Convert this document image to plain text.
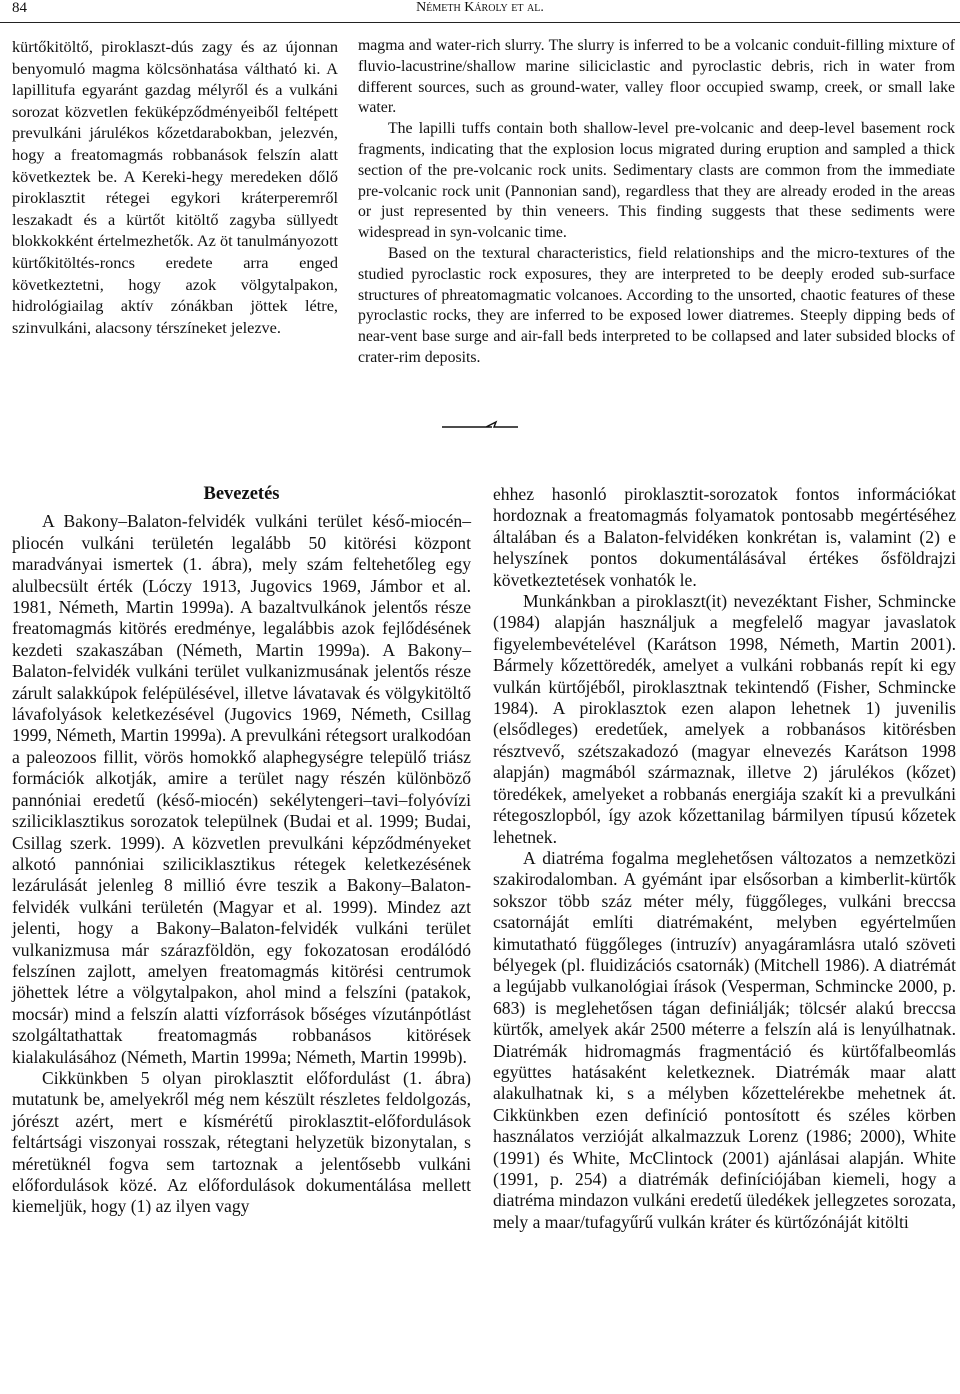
84	Németh Károly et al.

kürtőkitöltő, piroklaszt-dús zagy és az újonnan benyomuló magma kölcsönhatása váltható ki. A lapillitufa egyaránt gazdag mélyről és a vulkáni sorozat közvetlen feküképződményeiből feltépett prevulkáni járulékos kőzetdarabokban, jelezvén, hogy a freatomagmás robbanások felszín alatt következtek be. A Kereki-hegy meredeken dőlő piroklasztit rétegei egykori kráterperemről leszakadt és a kürtőt kitöltő zagyba süllyedt blokkokként értelmezhetők. Az öt tanulmányozott kürtőkitöltés-roncs eredete arra enged következtetni, hogy azok völgytalpakon, hidrológiailag aktív zónákban jöttek létre, szinvulkáni, alacsony térszíneket jelezve.

magma and water-rich slurry. The slurry is inferred to be a volcanic conduit-filling mixture of fluvio-lacustrine/shallow marine siliciclastic and pyroclastic debris, rich in water from different sources, such as ground-water, valley floor occupied swamp, creek, or small lake water.

The lapilli tuffs contain both shallow-level pre-volcanic and deep-level basement rock fragments, indicating that the explosion locus migrated during eruption and sampled a thick section of the pre-volcanic rock units. Sedimentary clasts are common from the immediate pre-volcanic rock unit (Pannonian sand), regardless that they are already eroded in the areas or just represented by thin veneers. This finding suggests that these sediments were widespread in syn-volcanic time.

Based on the textural characteristics, field relationships and the micro-textures of the studied pyroclastic rock exposures, they are interpreted to be deeply eroded sub-surface structures of phreatomagmatic volcanoes. According to the unsorted, chaotic features of these pyroclastic rocks, they are inferred to be exposed lower diatremes. Steeply dipping beds of near-vent base surge and air-fall beds interpreted to be collapsed and later subsided blocks of crater-rim deposits.

Bevezetés

A Bakony–Balaton-felvidék vulkáni terület késő-miocén–pliocén vulkáni területén legalább 50 kitörési központ maradványai ismertek (1. ábra), mely szám feltehetőleg egy alulbecsült érték (Lóczy 1913, Jugovics 1969, Jámbor et al. 1981, Németh, Martin 1999a). A bazaltvulkánok jelentős része freatomagmás kitörés eredménye, legalábbis azok fejlődésének kezdeti szakaszában (Németh, Martin 1999a). A Bakony–Balaton-felvidék vulkáni terület vulkanizmusának jelentős része zárult salakkúpok felépülésével, illetve lávatavak és völgykitöltő lávafolyások keletkezésével (Jugovics 1969, Németh, Csillag 1999, Németh, Martin 1999a). A prevulkáni rétegsort uralkodóan a paleozoos fillit, vörös homokkő alaphegységre települő triász formációk alkotják, amire a terület nagy részén különböző pannóniai eredetű (késő-miocén) sekélytengeri–tavi–folyóvízi sziliciklasztikus sorozatok települnek (Budai et al. 1999; Budai, Csillag szerk. 1999). A közvetlen prevulkáni képződményeket alkotó pannóniai sziliciklasztikus rétegek keletkezésének lezárulását jelenleg 8 millió évre teszik a Bakony–Balaton-felvidék vulkáni területén (Magyar et al. 1999). Mindez azt jelenti, hogy a Bakony–Balaton-felvidék vulkáni terület vulkanizmusa már szárazföldön, egy fokozatosan erodálódó felszínen zajlott, amelyen freatomagmás kitörési centrumok jöhettek létre a völgytalpakon, ahol mind a felszíni (patakok, mocsár) mind a felszín alatti vízforrások bőséges vízutánpótlást szolgáltathattak freatomagmás robbanásos kitörések kialakulásához (Németh, Martin 1999a; Németh, Martin 1999b).

Cikkünkben 5 olyan piroklasztit előfordulást (1. ábra) mutatunk be, amelyekről még nem készült részletes feldolgozás, jórészt azért, mert e kísmérétű piroklasztit-előfordulások feltártsági viszonyai rosszak, rétegtani helyzetük bizonytalan, s méretüknél fogva sem tartoznak a jelentősebb vulkáni előfordulások közé. Az előfordulások dokumentálása mellett kiemeljük, hogy (1) az ilyen vagy

ehhez hasonló piroklasztit-sorozatok fontos információkat hordoznak a freatomagmás folyamatok pontosabb megértéséhez általában és a Balaton-felvidéken konkrétan is, valamint (2) e helyszínek pontos dokumentálásával értékes ősföldrajzi következtetések vonhatók le.

Munkánkban a piroklaszt(it) nevezéktant Fisher, Schmincke (1984) alapján használjuk a megfelelő magyar javaslatok figyelembevételével (Karátson 1998, Németh, Martin 2001). Bármely kőzettöredék, amelyet a vulkáni robbanás repít ki egy vulkán kürtőjéből, piroklasztnak tekintendő (Fisher, Schmincke 1984). A piroklasztok ezen alapon lehetnek 1) juvenilis (elsődleges) eredetűek, amelyek a robbanásos kitörésben résztvevő, szétszakadozó (magyar elnevezés Karátson 1998 alapján) magmából származnak, illetve 2) járulékos (kőzet) töredékek, amelyeket a robbanás energiája szakít ki a prevulkáni rétegoszlopból, így azok kőzettanilag bármilyen típusú kőzetek lehetnek.

A diatréma fogalma meglehetősen változatos a nemzetközi szakirodalomban. A gyémánt ipar elsősorban a kimberlit-kürtők sokszor több száz méter mély, függőleges, vulkáni breccsa csatornáját említi diatrémaként, melyben egyértelműen kimutatható függőleges (intruzív) anyagáramlásra utaló szöveti bélyegek (pl. fluidizációs csatornák) (Mitchell 1986). A diatrémát a legújabb vulkanológiai írások (Vesperman, Schmincke 2000, p. 683) is meglehetősen tágan definiálják; tölcsér alakú breccsa kürtők, amelyek akár 2500 méterre a felszín alá is lenyúlhatnak. Diatrémák hidromagmás fragmentáció és kürtőfalbeomlás együttes hatásaként keletkeznek. Diatrémák maar alatt alakulhatnak ki, s a mélyben kőzettelérekbe mehetnek át. Cikkünkben ezen definíció pontosított és széles körben használatos verzióját alkalmazzuk Lorenz (1986; 2000), White (1991) és White, McClintock (2001) ajánlásai alapján. White (1991, p. 254) a diatrémák definíciójában kiemeli, hogy a diatréma mindazon vulkáni eredetű üledékek jellegzetes sorozata, mely a maar/tufagyűrű vulkán kráter és kürtőzónáját kitölti
